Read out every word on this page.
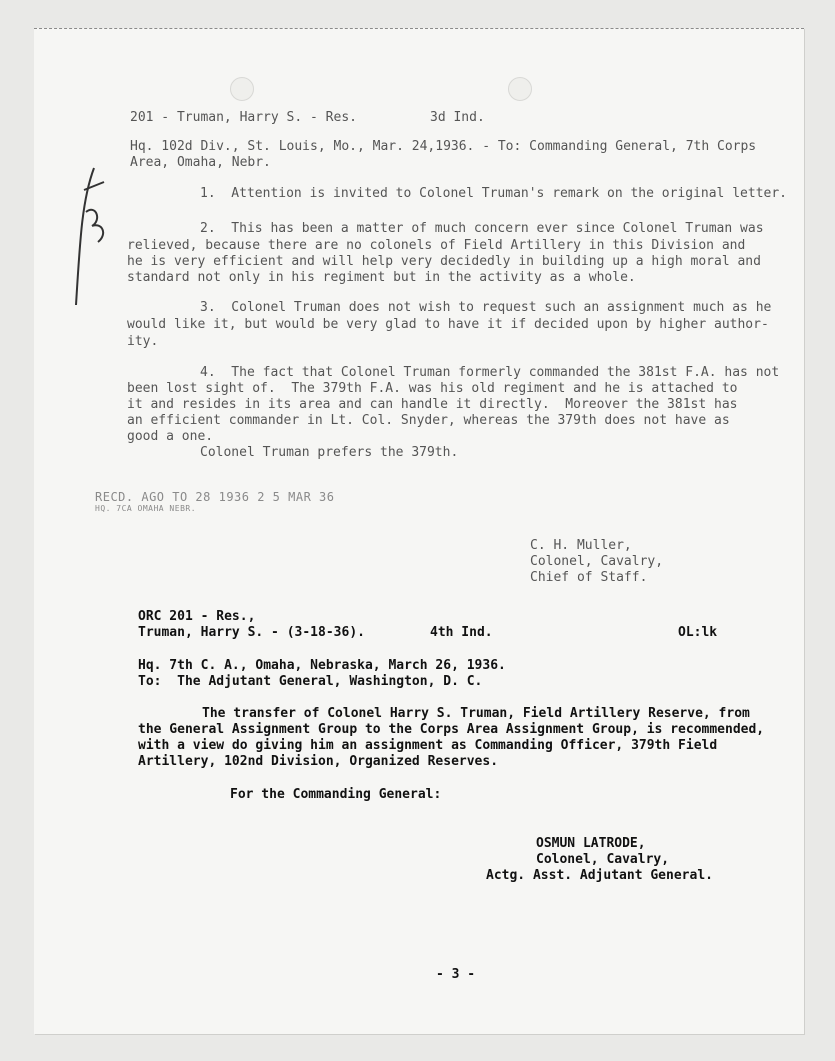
201 - Truman, Harry S. - Res.	3d Ind.
Hq. 102d Div., St. Louis, Mo., Mar. 24,1936. - To: Commanding General, 7th Corps
Area, Omaha, Nebr.
1.  Attention is invited to Colonel Truman's remark on the original letter.
2.  This has been a matter of much concern ever since Colonel Truman was
relieved, because there are no colonels of Field Artillery in this Division and
he is very efficient and will help very decidedly in building up a high moral and
standard not only in his regiment but in the activity as a whole.
3.  Colonel Truman does not wish to request such an assignment much as he
would like it, but would be very glad to have it if decided upon by higher author-
ity.
4.  The fact that Colonel Truman formerly commanded the 381st F.A. has not
been lost sight of.  The 379th F.A. was his old regiment and he is attached to
it and resides in its area and can handle it directly.  Moreover the 381st has
an efficient commander in Lt. Col. Snyder, whereas the 379th does not have as
good a one.
Colonel Truman prefers the 379th.
RECD. AGO TO 28 1936 2 5 MAR 36
HQ. 7CA OMAHA NEBR.
C. H. Muller,
Colonel, Cavalry,
Chief of Staff.
ORC 201 - Res.,
Truman, Harry S. - (3-18-36).	4th Ind.	OL:lk
Hq. 7th C. A., Omaha, Nebraska, March 26, 1936.
To:  The Adjutant General, Washington, D. C.
The transfer of Colonel Harry S. Truman, Field Artillery Reserve, from
the General Assignment Group to the Corps Area Assignment Group, is recommended,
with a view do giving him an assignment as Commanding Officer, 379th Field
Artillery, 102nd Division, Organized Reserves.
For the Commanding General:
OSMUN LATRODE,
Colonel, Cavalry,
Actg. Asst. Adjutant General.
- 3 -
